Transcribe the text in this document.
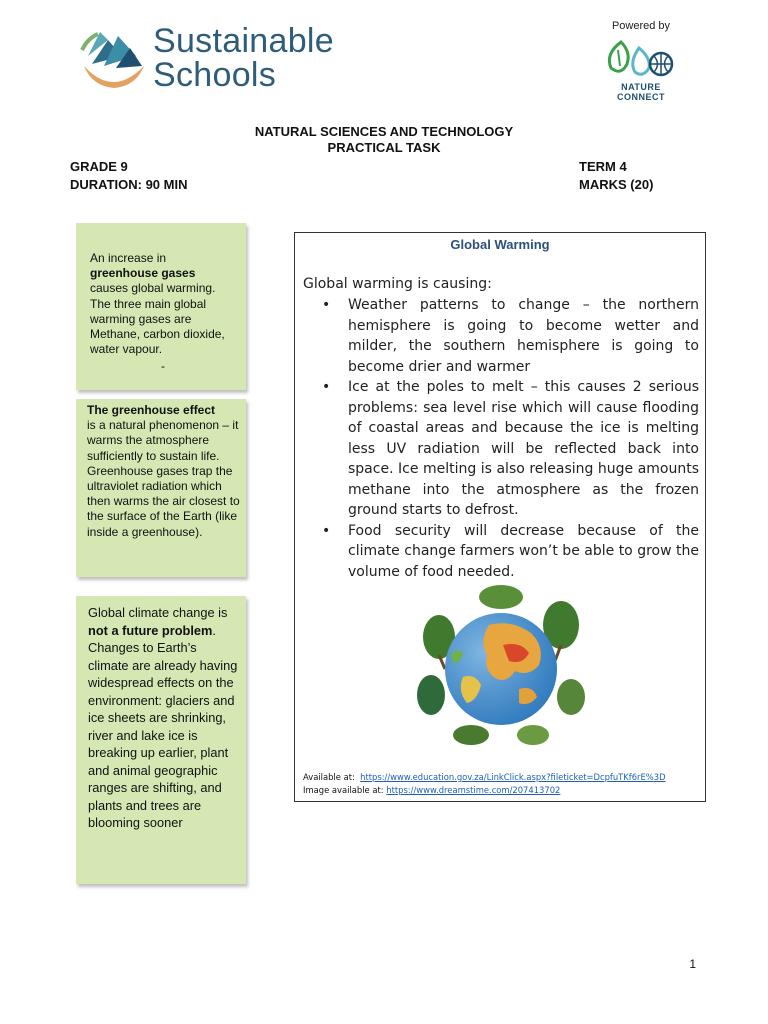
Sustainable
Schools
Powered by
NATURE CONNECT
NATURAL SCIENCES AND TECHNOLOGY
PRACTICAL TASK
GRADE 9
DURATION: 90 MIN
TERM 4
MARKS (20)
An increase in
greenhouse gases
causes global warming. The three main global warming gases are Methane, carbon dioxide, water vapour.
-
The greenhouse effect
is a natural phenomenon – it warms the atmosphere sufficiently to sustain life. Greenhouse gases trap the ultraviolet radiation which then warms the air closest to the surface of the Earth (like inside a greenhouse).
Global climate change is not a future problem. Changes to Earth’s climate are already having widespread effects on the environment: glaciers and ice sheets are shrinking, river and lake ice is breaking up earlier, plant and animal geographic ranges are shifting, and plants and trees are blooming sooner
Global Warming
Global warming is causing:
• Weather patterns to change – the northern hemisphere is going to become wetter and milder, the southern hemisphere is going to become drier and warmer
• Ice at the poles to melt – this causes 2 serious problems: sea level rise which will cause flooding of coastal areas and because the ice is melting less UV radiation will be reflected back into space. Ice melting is also releasing huge amounts methane into the atmosphere as the frozen ground starts to defrost.
• Food security will decrease because of the climate change farmers won’t be able to grow the volume of food needed.
Available at: https://www.education.gov.za/LinkClick.aspx?fileticket=DcpfuTKf6rE%3D
Image available at: https://www.dreamstime.com/207413702
1
